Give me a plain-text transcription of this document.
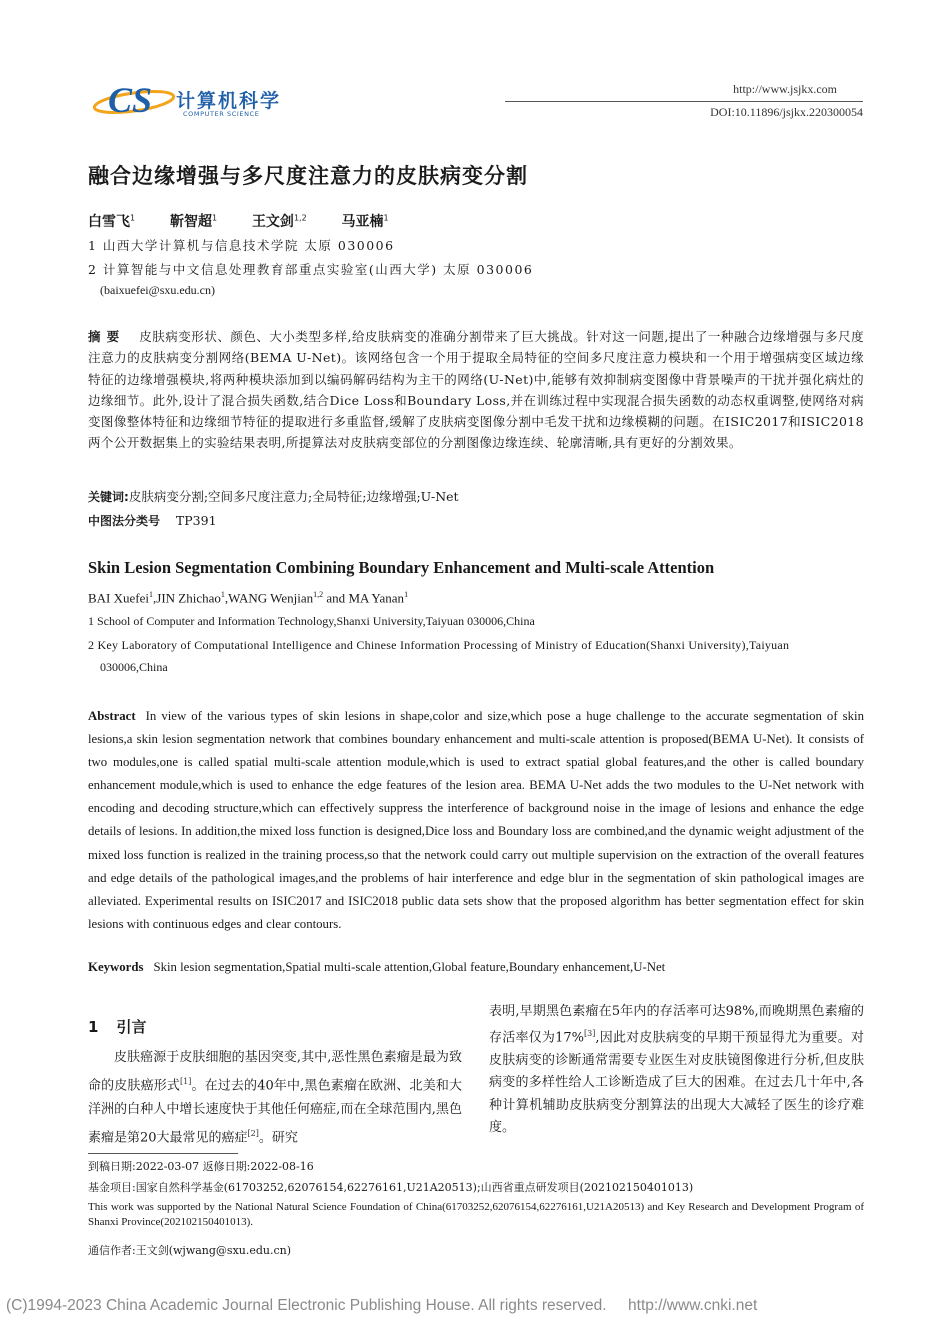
CS 计算机科学
COMPUTER SCIENCE
http://www.jsjkx.com
DOI:10.11896/jsjkx.220300054
融合边缘增强与多尺度注意力的皮肤病变分割
白雪飞$^1$ 靳智超$^1$ 王文剑$^{1,2}$ 马亚楠$^1$
1 山西大学计算机与信息技术学院 太原 030006
2 计算智能与中文信息处理教育部重点实验室(山西大学) 太原 030006
(baixuefei@sxu.edu.cn)
摘要 皮肤病变形状、颜色、大小类型多样,给皮肤病变的准确分割带来了巨大挑战。针对这一问题,提出了一种融合边缘增强与多尺度注意力的皮肤病变分割网络(BEMA U-Net)。该网络包含一个用于提取全局特征的空间多尺度注意力模块和一个用于增强病变区域边缘特征的边缘增强模块,将两种模块添加到以编码解码结构为主干的网络(U-Net)中,能够有效抑制病变图像中背景噪声的干扰并强化病灶的边缘细节。此外,设计了混合损失函数,结合Dice Loss和Boundary Loss,并在训练过程中实现混合损失函数的动态权重调整,使网络对病变图像整体特征和边缘细节特征的提取进行多重监督,缓解了皮肤病变图像分割中毛发干扰和边缘模糊的问题。在ISIC2017和ISIC2018两个公开数据集上的实验结果表明,所提算法对皮肤病变部位的分割图像边缘连续、轮廓清晰,具有更好的分割效果。
关键词:皮肤病变分割;空间多尺度注意力;全局特征;边缘增强;U-Net
中图法分类号 TP391
Skin Lesion Segmentation Combining Boundary Enhancement and Multi-scale Attention
BAI Xuefei$^1$,JIN Zhichao$^1$,WANG Wenjian$^{1,2}$ and MA Yanan$^1$
1 School of Computer and Information Technology,Shanxi University,Taiyuan 030006,China
2 Key Laboratory of Computational Intelligence and Chinese Information Processing of Ministry of Education(Shanxi University),Taiyuan
030006,China
Abstract In view of the various types of skin lesions in shape,color and size,which pose a huge challenge to the accurate segmentation of skin lesions,a skin lesion segmentation network that combines boundary enhancement and multi-scale attention is proposed(BEMA U-Net). It consists of two modules,one is called spatial multi-scale attention module,which is used to extract spatial global features,and the other is called boundary enhancement module,which is used to enhance the edge features of the lesion area. BEMA U-Net adds the two modules to the U-Net network with encoding and decoding structure,which can effectively suppress the interference of background noise in the image of lesions and enhance the edge details of lesions. In addition,the mixed loss function is designed,Dice loss and Boundary loss are combined,and the dynamic weight adjustment of the mixed loss function is realized in the training process,so that the network could carry out multiple supervision on the extraction of the overall features and edge details of the pathological images,and the problems of hair interference and edge blur in the segmentation of skin pathological images are alleviated. Experimental results on ISIC2017 and ISIC2018 public data sets show that the proposed algorithm has better segmentation effect for skin lesions with continuous edges and clear contours.
Keywords Skin lesion segmentation,Spatial multi-scale attention,Global feature,Boundary enhancement,U-Net
1 引言
皮肤癌源于皮肤细胞的基因突变,其中,恶性黑色素瘤是最为致命的皮肤癌形式[1]。在过去的40年中,黑色素瘤在欧洲、北美和大洋洲的白种人中增长速度快于其他任何癌症,而在全球范围内,黑色素瘤是第20大最常见的癌症[2]。研究
表明,早期黑色素瘤在5年内的存活率可达98%,而晚期黑色素瘤的存活率仅为17%[3],因此对皮肤病变的早期干预显得尤为重要。对皮肤病变的诊断通常需要专业医生对皮肤镜图像进行分析,但皮肤病变的多样性给人工诊断造成了巨大的困难。在过去几十年中,各种计算机辅助皮肤病变分割算法的出现大大减轻了医生的诊疗难度。
到稿日期:2022-03-07 返修日期:2022-08-16
基金项目:国家自然科学基金(61703252,62076154,62276161,U21A20513);山西省重点研发项目(202102150401013)
This work was supported by the National Natural Science Foundation of China(61703252,62076154,62276161,U21A20513) and Key Research and Development Program of Shanxi Province(202102150401013).
通信作者:王文剑(wjwang@sxu.edu.cn)
(C)1994-2023 China Academic Journal Electronic Publishing House. All rights reserved.     http://www.cnki.net
